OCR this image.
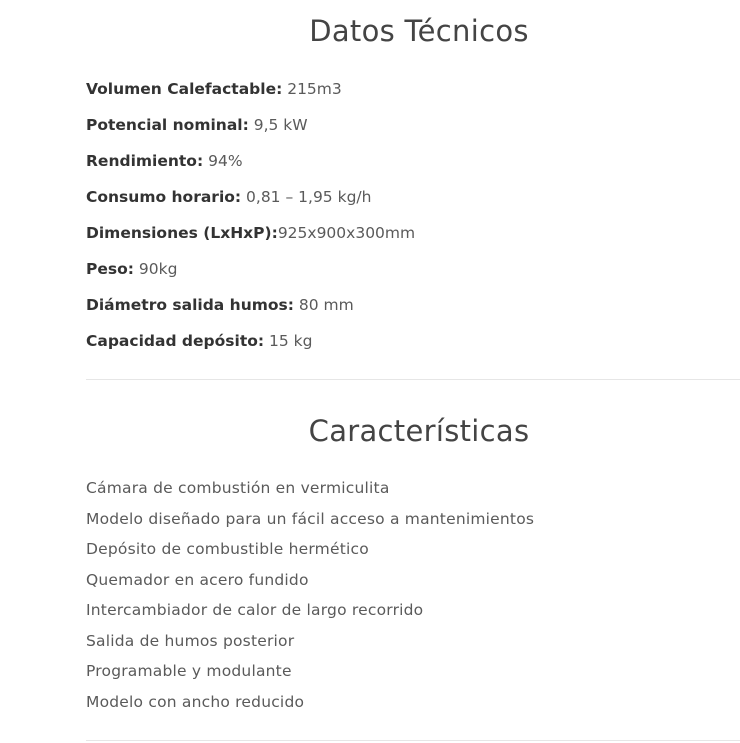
Datos Técnicos
Volumen Calefactable: 215m3
Potencial nominal: 9,5 kW
Rendimiento: 94%
Consumo horario: 0,81 – 1,95 kg/h
Dimensiones (LxHxP):925x900x300mm
Peso: 90kg
Diámetro salida humos: 80 mm
Capacidad depósito: 15 kg
Características
Cámara de combustión en vermiculita
Modelo diseñado para un fácil acceso a mantenimientos
Depósito de combustible hermético
Quemador en acero fundido
Intercambiador de calor de largo recorrido
Salida de humos posterior
Programable y modulante
Modelo con ancho reducido
